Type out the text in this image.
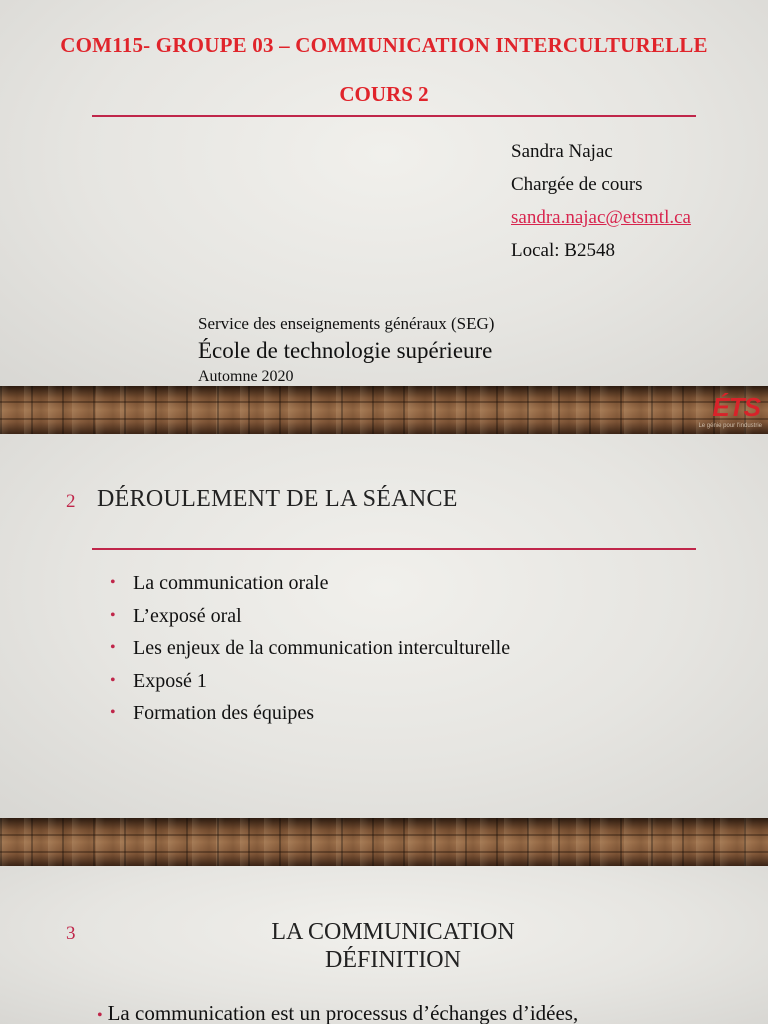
COM115- GROUPE 03 – COMMUNICATION INTERCULTURELLE
COURS 2
Sandra Najac
Chargée de cours
sandra.najac@etsmtl.ca
Local: B2548
Service des enseignements généraux (SEG)
École de technologie supérieure
Automne 2020
ÉTS
Le génie pour l'industrie
2 DÉROULEMENT DE LA SÉANCE
• La communication orale
• L’exposé oral
• Les enjeux de la communication interculturelle
• Exposé 1
• Formation des équipes
3	LA COMMUNICATION
DÉFINITION
• La communication est un processus d’échanges d’idées,
